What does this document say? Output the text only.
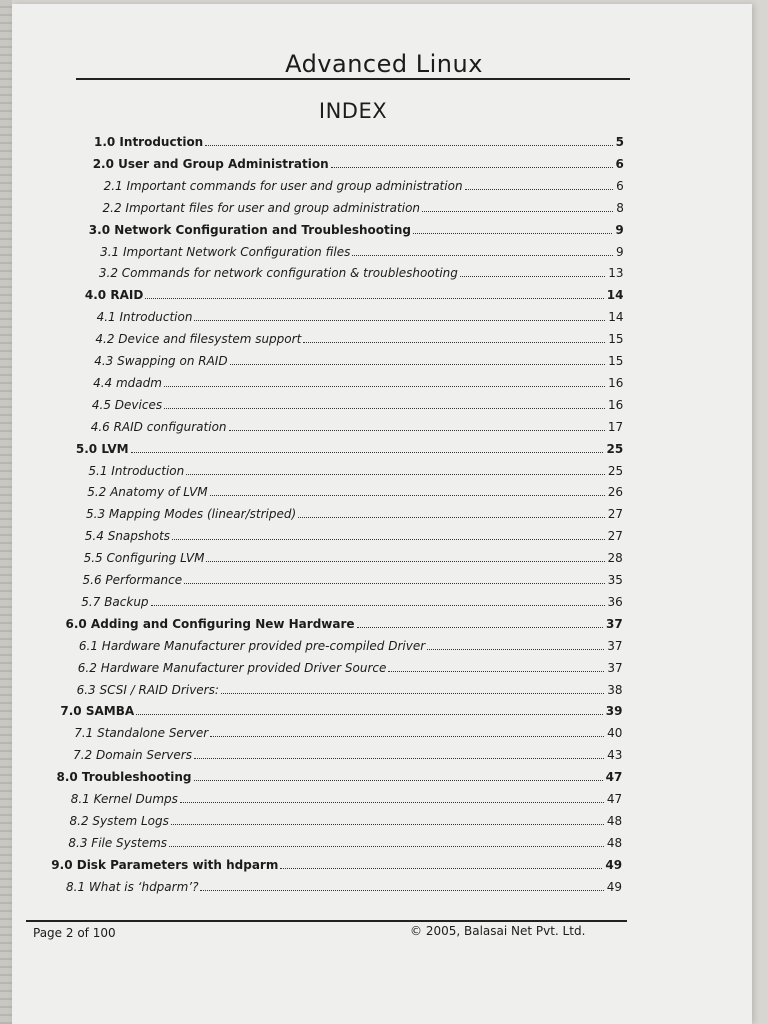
Advanced Linux
INDEX
1.0 Introduction	5
2.0 User and Group Administration	6
2.1 Important commands for user and group administration	6
2.2 Important files for user and group administration	8
3.0 Network Configuration and Troubleshooting	9
3.1 Important Network Configuration files	9
3.2 Commands for network configuration & troubleshooting	13
4.0 RAID	14
4.1 Introduction	14
4.2 Device and filesystem support	15
4.3 Swapping on RAID	15
4.4 mdadm	16
4.5 Devices	16
4.6 RAID configuration	17
5.0 LVM	25
5.1 Introduction	25
5.2 Anatomy of LVM	26
5.3 Mapping Modes (linear/striped)	27
5.4 Snapshots	27
5.5 Configuring LVM	28
5.6 Performance	35
5.7 Backup	36
6.0 Adding and Configuring New Hardware	37
6.1 Hardware Manufacturer provided pre-compiled Driver	37
6.2 Hardware Manufacturer provided Driver Source	37
6.3 SCSI / RAID Drivers:	38
7.0 SAMBA	39
7.1 Standalone Server	40
7.2 Domain Servers	43
8.0 Troubleshooting	47
8.1 Kernel Dumps	47
8.2 System Logs	48
8.3 File Systems	48
9.0 Disk Parameters with hdparm	49
8.1 What is ‘hdparm’?	49
Page 2 of 100	© 2005, Balasai Net Pvt. Ltd.
